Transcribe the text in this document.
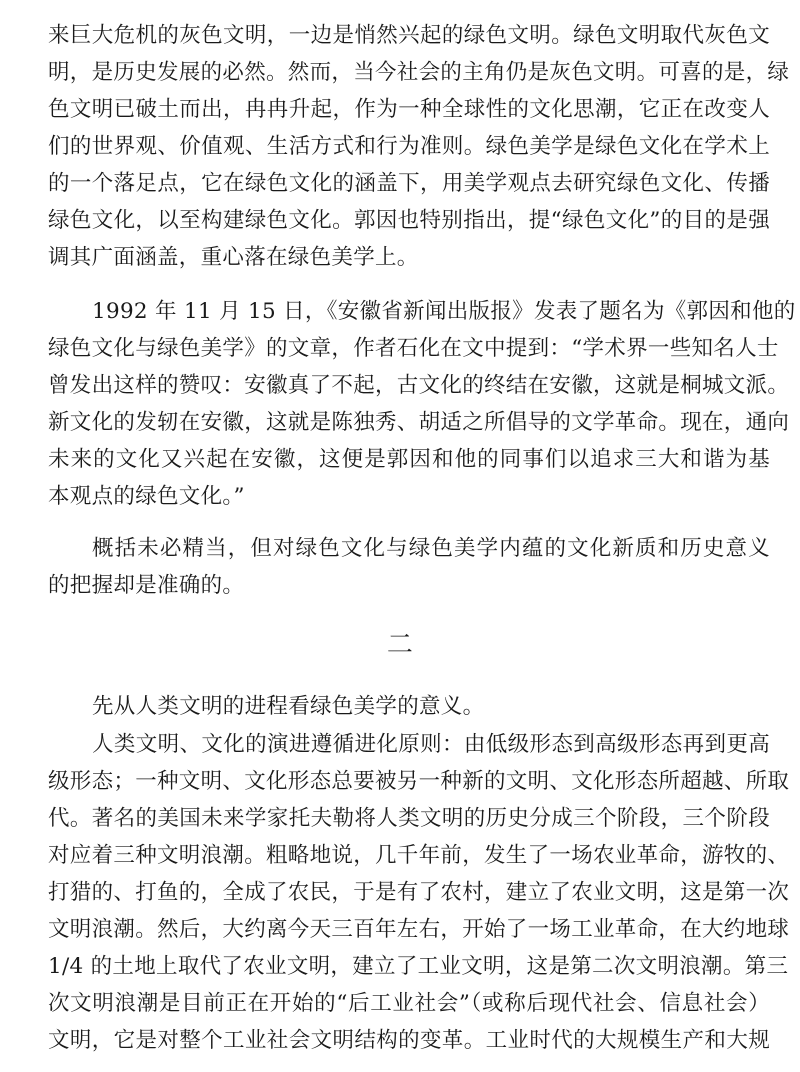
来巨大危机的灰色文明，一边是悄然兴起的绿色文明。绿色文明取代灰色文
明，是历史发展的必然。然而，当今社会的主角仍是灰色文明。可喜的是，绿
色文明已破土而出，冉冉升起，作为一种全球性的文化思潮，它正在改变人
们的世界观、价值观、生活方式和行为准则。绿色美学是绿色文化在学术上
的一个落足点，它在绿色文化的涵盖下，用美学观点去研究绿色文化、传播
绿色文化，以至构建绿色文化。郭因也特别指出，提“绿色文化”的目的是强
调其广面涵盖，重心落在绿色美学上。
1992 年 11 月 15 日，《安徽省新闻出版报》发表了题名为《郭因和他的
绿色文化与绿色美学》的文章，作者石化在文中提到：“学术界一些知名人士
曾发出这样的赞叹：安徽真了不起，古文化的终结在安徽，这就是桐城文派。
新文化的发轫在安徽，这就是陈独秀、胡适之所倡导的文学革命。现在，通向
未来的文化又兴起在安徽，这便是郭因和他的同事们以追求三大和谐为基
本观点的绿色文化。”
概括未必精当，但对绿色文化与绿色美学内蕴的文化新质和历史意义
的把握却是准确的。
二
先从人类文明的进程看绿色美学的意义。
人类文明、文化的演进遵循进化原则：由低级形态到高级形态再到更高
级形态；一种文明、文化形态总要被另一种新的文明、文化形态所超越、所取
代。著名的美国未来学家托夫勒将人类文明的历史分成三个阶段，三个阶段
对应着三种文明浪潮。粗略地说，几千年前，发生了一场农业革命，游牧的、
打猎的、打鱼的，全成了农民，于是有了农村，建立了农业文明，这是第一次
文明浪潮。然后，大约离今天三百年左右，开始了一场工业革命，在大约地球
1/4 的土地上取代了农业文明，建立了工业文明，这是第二次文明浪潮。第三
次文明浪潮是目前正在开始的“后工业社会”（或称后现代社会、信息社会）
文明，它是对整个工业社会文明结构的变革。工业时代的大规模生产和大规
